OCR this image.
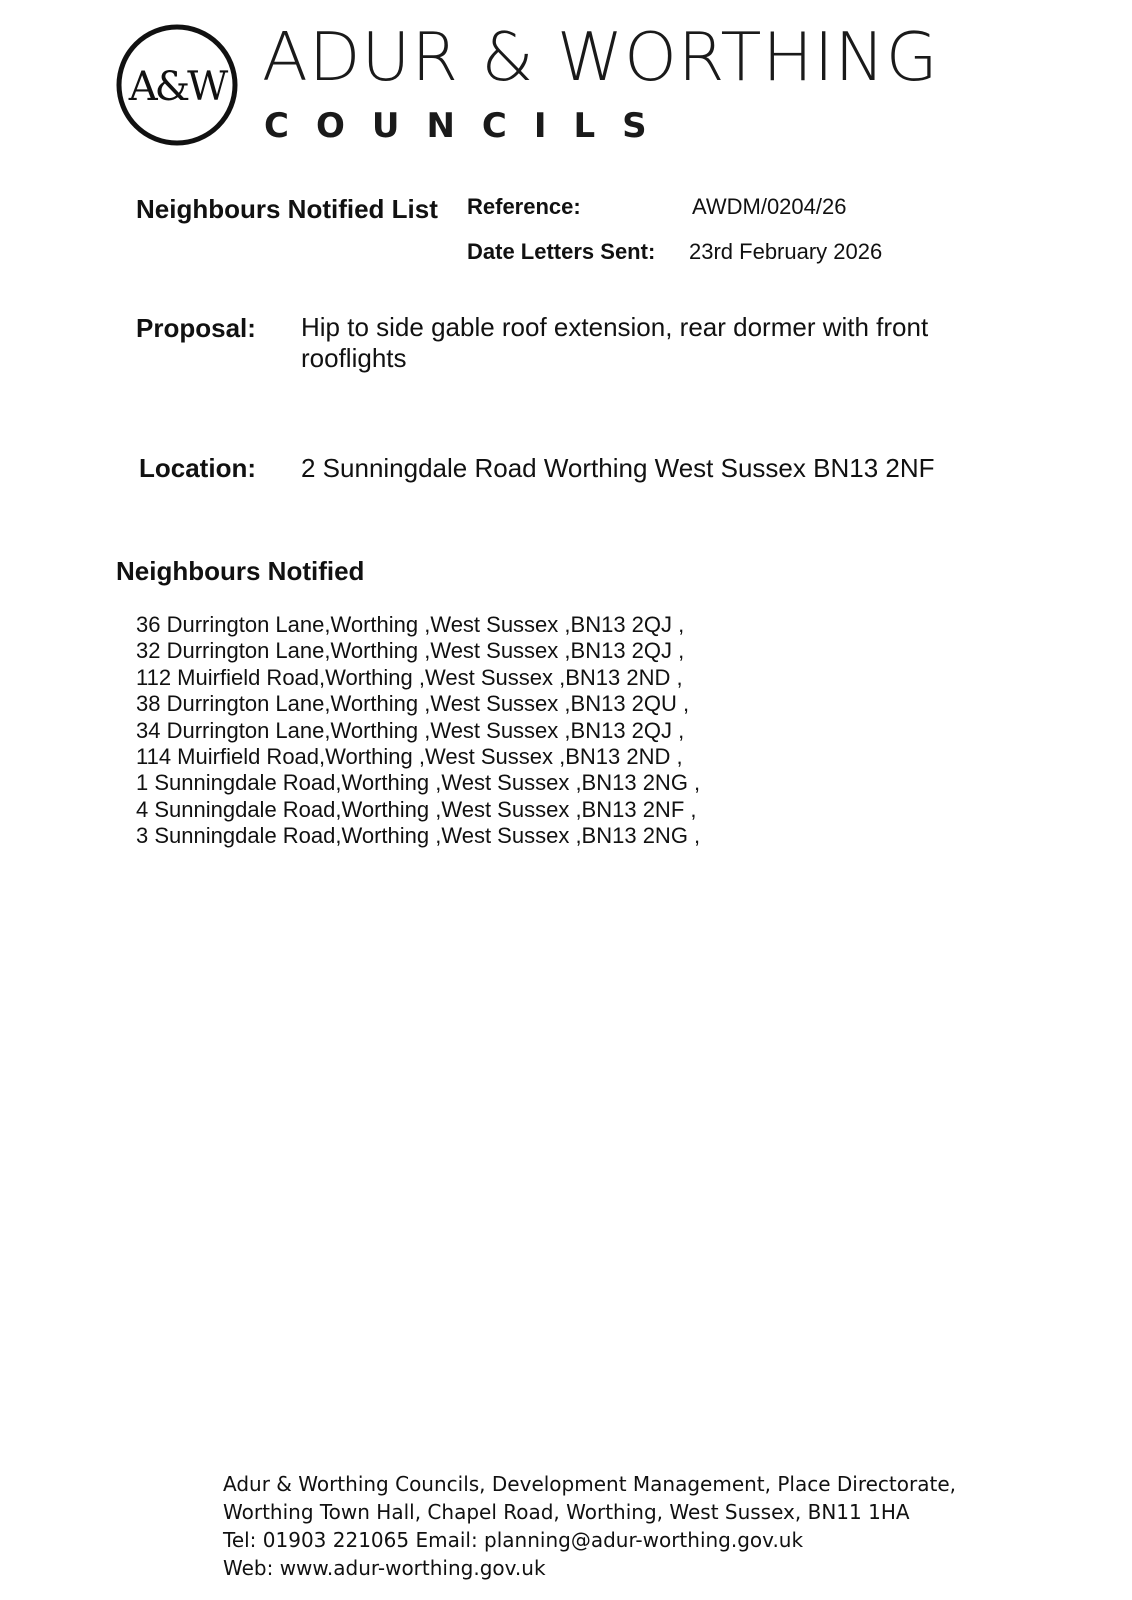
A&W ADUR & WORTHING
COUNCILS
Neighbours Notified List Reference:	AWDM/0204/26
Date Letters Sent: 23rd February 2026
Proposal: Hip to side gable roof extension, rear dormer with front rooflights
Location: 2 Sunningdale Road Worthing West Sussex BN13 2NF
Neighbours Notified
36 Durrington Lane,Worthing ,West Sussex ,BN13 2QJ ,
32 Durrington Lane,Worthing ,West Sussex ,BN13 2QJ ,
112 Muirfield Road,Worthing ,West Sussex ,BN13 2ND ,
38 Durrington Lane,Worthing ,West Sussex ,BN13 2QU ,
34 Durrington Lane,Worthing ,West Sussex ,BN13 2QJ ,
114 Muirfield Road,Worthing ,West Sussex ,BN13 2ND ,
1 Sunningdale Road,Worthing ,West Sussex ,BN13 2NG ,
4 Sunningdale Road,Worthing ,West Sussex ,BN13 2NF ,
3 Sunningdale Road,Worthing ,West Sussex ,BN13 2NG ,
Adur & Worthing Councils, Development Management, Place Directorate,
Worthing Town Hall, Chapel Road, Worthing, West Sussex, BN11 1HA
Tel: 01903 221065 Email: planning@adur-worthing.gov.uk
Web: www.adur-worthing.gov.uk
